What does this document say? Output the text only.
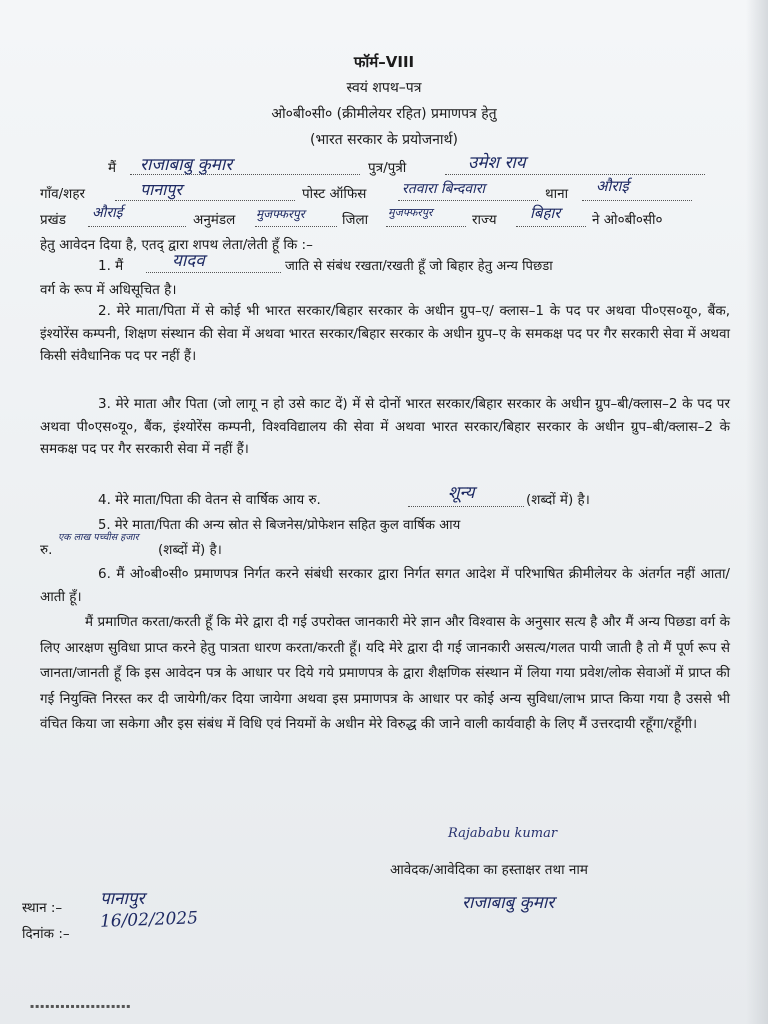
फॉर्म–VIII
स्वयं शपथ–पत्र
ओ०बी०सी० (क्रीमीलेयर रहित) प्रमाणपत्र हेतु
(भारत सरकार के प्रयोजनार्थ)
मैं राजाबाबु कुमार	पुत्र/पुत्री	उमेश राय
गाँव/शहर	पानापुर	पोस्ट ऑफिस	रतवारा बिन्दवारा	थाना औराई
प्रखंड औराई	अनुमंडल मुजफ्फरपुर	जिला मुजफ्फरपुर	राज्य बिहार ने ओ०बी०सी०
हेतु आवेदन दिया है, एतद् द्वारा शपथ लेता/लेती हूँ कि :–
1. मैं	यादव	जाति से संबंध रखता/रखती हूँ जो बिहार हेतु अन्य पिछडा
वर्ग के रूप में अधिसूचित है।
2. मेरे माता/पिता में से कोई भी भारत सरकार/बिहार सरकार के अधीन ग्रुप–ए/ क्लास–1 के पद पर अथवा पी०एस०यू०, बैंक, इंश्योरेंस कम्पनी, शिक्षण संस्थान की सेवा में अथवा भारत सरकार/बिहार सरकार के अधीन ग्रुप–ए के समकक्ष पद पर गैर सरकारी सेवा में अथवा किसी संवैधानिक पद पर नहीं हैं।
3. मेरे माता और पिता (जो लागू न हो उसे काट दें) में से दोनों भारत सरकार/बिहार सरकार के अधीन ग्रुप–बी/क्लास–2 के पद पर अथवा पी०एस०यू०, बैंक, इंश्योरेंस कम्पनी, विश्वविद्यालय की सेवा में अथवा भारत सरकार/बिहार सरकार के अधीन ग्रुप–बी/क्लास–2 के समकक्ष पद पर गैर सरकारी सेवा में नहीं हैं।
4. मेरे माता/पिता की वेतन से वार्षिक आय रु.	शून्य	(शब्दों में) है।
5. मेरे माता/पिता की अन्य स्रोत से बिजनेस/प्रोफेशन सहित कुल वार्षिक आय
रु.
एक लाख पच्चीस हजार
(शब्दों में) है।
6. मैं ओ०बी०सी० प्रमाणपत्र निर्गत करने संबंधी सरकार द्वारा निर्गत सगत आदेश में परिभाषित क्रीमीलेयर के अंतर्गत नहीं आता/आती हूँ।
मैं प्रमाणित करता/करती हूँ कि मेरे द्वारा दी गई उपरोक्त जानकारी मेरे ज्ञान और विश्वास के अनुसार सत्य है और मैं अन्य पिछडा वर्ग के लिए आरक्षण सुविधा प्राप्त करने हेतु पात्रता धारण करता/करती हूँ। यदि मेरे द्वारा दी गई जानकारी असत्य/गलत पायी जाती है तो मैं पूर्ण रूप से जानता/जानती हूँ कि इस आवेदन पत्र के आधार पर दिये गये प्रमाणपत्र के द्वारा शैक्षणिक संस्थान में लिया गया प्रवेश/लोक सेवाओं में प्राप्त की गई नियुक्ति निरस्त कर दी जायेगी/कर दिया जायेगा अथवा इस प्रमाणपत्र के आधार पर कोई अन्य सुविधा/लाभ प्राप्त किया गया है उससे भी वंचित किया जा सकेगा और इस संबंध में विधि एवं नियमों के अधीन मेरे विरुद्ध की जाने वाली कार्यवाही के लिए मैं उत्तरदायी रहूँगा/रहूँगी।
Rajababu kumar
आवेदक/आवेदिका का हस्ताक्षर तथा नाम
राजाबाबु कुमार
स्थान :– पानापुर
दिनांक :–
16/02/2025
▪▪▪▪▪▪▪▪▪▪▪▪▪▪▪▪▪▪▪▪
